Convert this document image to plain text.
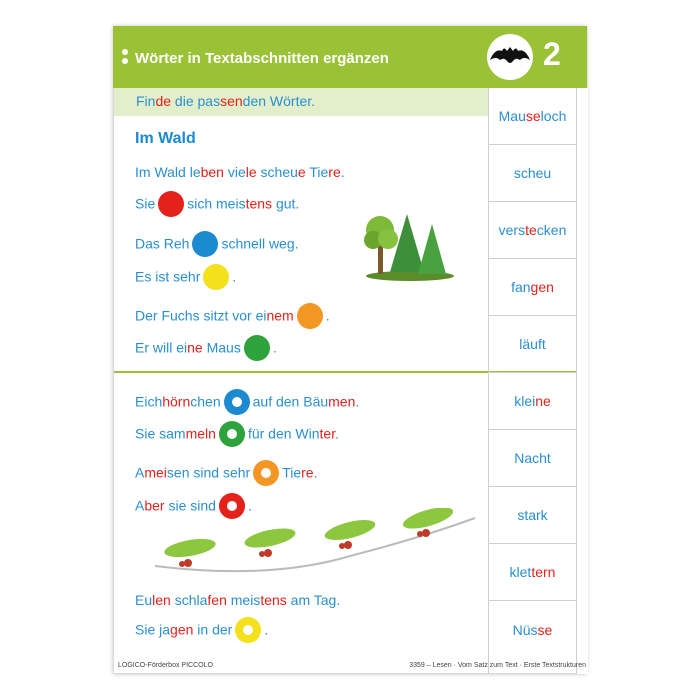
Wörter in Textabschnitten ergänzen	2
Finde die passenden Wörter.
Im Wald
Im Wald leben viele scheue Tiere.
Sie sich meistens gut.
Das Reh schnell weg.
Es ist sehr .
Der Fuchs sitzt vor einem .
Er will eine Maus .
Eichhörnchen auf den Bäumen.
Sie sammeln für den Winter.
Ameisen sind sehr Tiere.
Aber sie sind .
Eulen schlafen meistens am Tag.
Sie jagen in der .
Mau se loch
scheu
vers te cken
fan gen
läuft
klei ne
Nacht
stark
klet tern
Nüs se
LOGICO-Förderbox PICCOLO	3359 – Lesen · Vom Satz zum Text · Erste Textstrukturen
